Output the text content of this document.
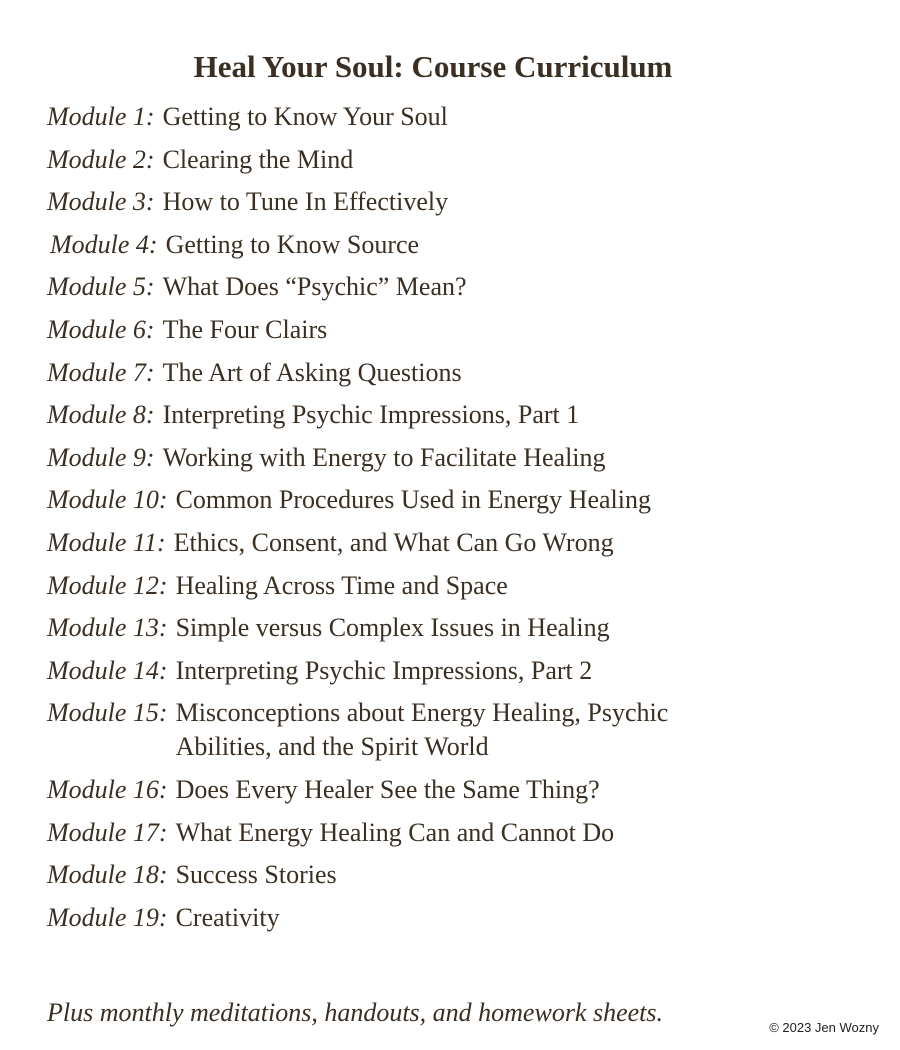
Heal Your Soul: Course Curriculum
Module 1: Getting to Know Your Soul
Module 2: Clearing the Mind
Module 3: How to Tune In Effectively
Module 4: Getting to Know Source
Module 5: What Does “Psychic” Mean?
Module 6: The Four Clairs
Module 7: The Art of Asking Questions
Module 8: Interpreting Psychic Impressions, Part 1
Module 9: Working with Energy to Facilitate Healing
Module 10: Common Procedures Used in Energy Healing
Module 11: Ethics, Consent, and What Can Go Wrong
Module 12: Healing Across Time and Space
Module 13: Simple versus Complex Issues in Healing
Module 14: Interpreting Psychic Impressions, Part 2
Module 15: Misconceptions about Energy Healing, Psychic Abilities, and the Spirit World
Module 16: Does Every Healer See the Same Thing?
Module 17: What Energy Healing Can and Cannot Do
Module 18: Success Stories
Module 19: Creativity

Plus monthly meditations, handouts, and homework sheets.

© 2023 Jen Wozny
